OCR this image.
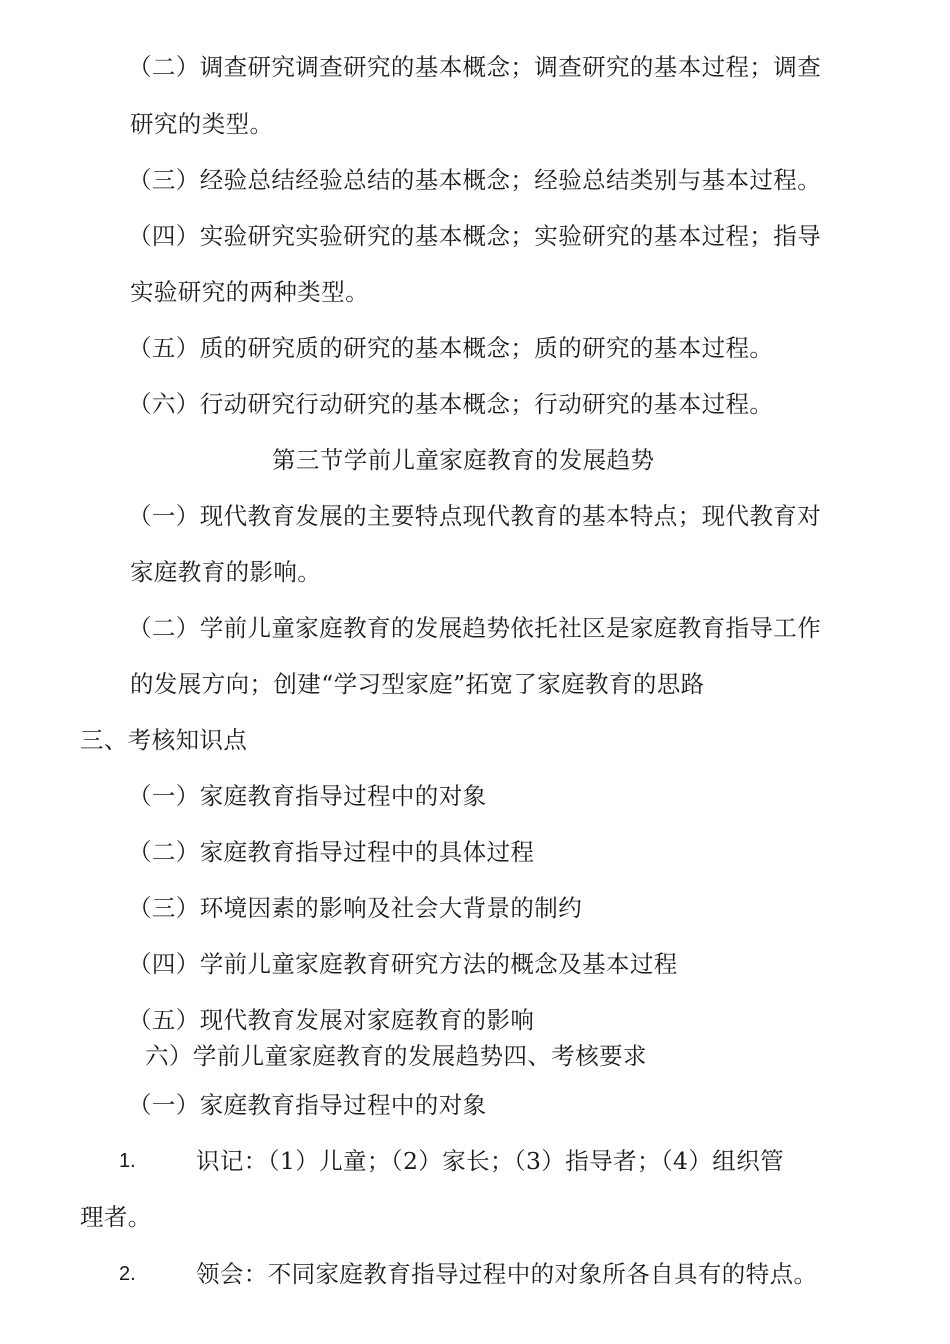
（二）调查研究调查研究的基本概念；调查研究的基本过程；调查
研究的类型。
（三）经验总结经验总结的基本概念；经验总结类别与基本过程。
（四）实验研究实验研究的基本概念；实验研究的基本过程；指导
实验研究的两种类型。
（五）质的研究质的研究的基本概念；质的研究的基本过程。
（六）行动研究行动研究的基本概念；行动研究的基本过程。
第三节学前儿童家庭教育的发展趋势
（一）现代教育发展的主要特点现代教育的基本特点；现代教育对
家庭教育的影响。
（二）学前儿童家庭教育的发展趋势依托社区是家庭教育指导工作
的发展方向；创建“学习型家庭”拓宽了家庭教育的思路
三、考核知识点
（一）家庭教育指导过程中的对象
（二）家庭教育指导过程中的具体过程
（三）环境因素的影响及社会大背景的制约
（四）学前儿童家庭教育研究方法的概念及基本过程
（五）现代教育发展对家庭教育的影响
六）学前儿童家庭教育的发展趋势四、考核要求
（一）家庭教育指导过程中的对象
1.	识记：（1）儿童；（2）家长；（3）指导者；（4）组织管
理者。
2.	领会：不同家庭教育指导过程中的对象所各自具有的特点。
